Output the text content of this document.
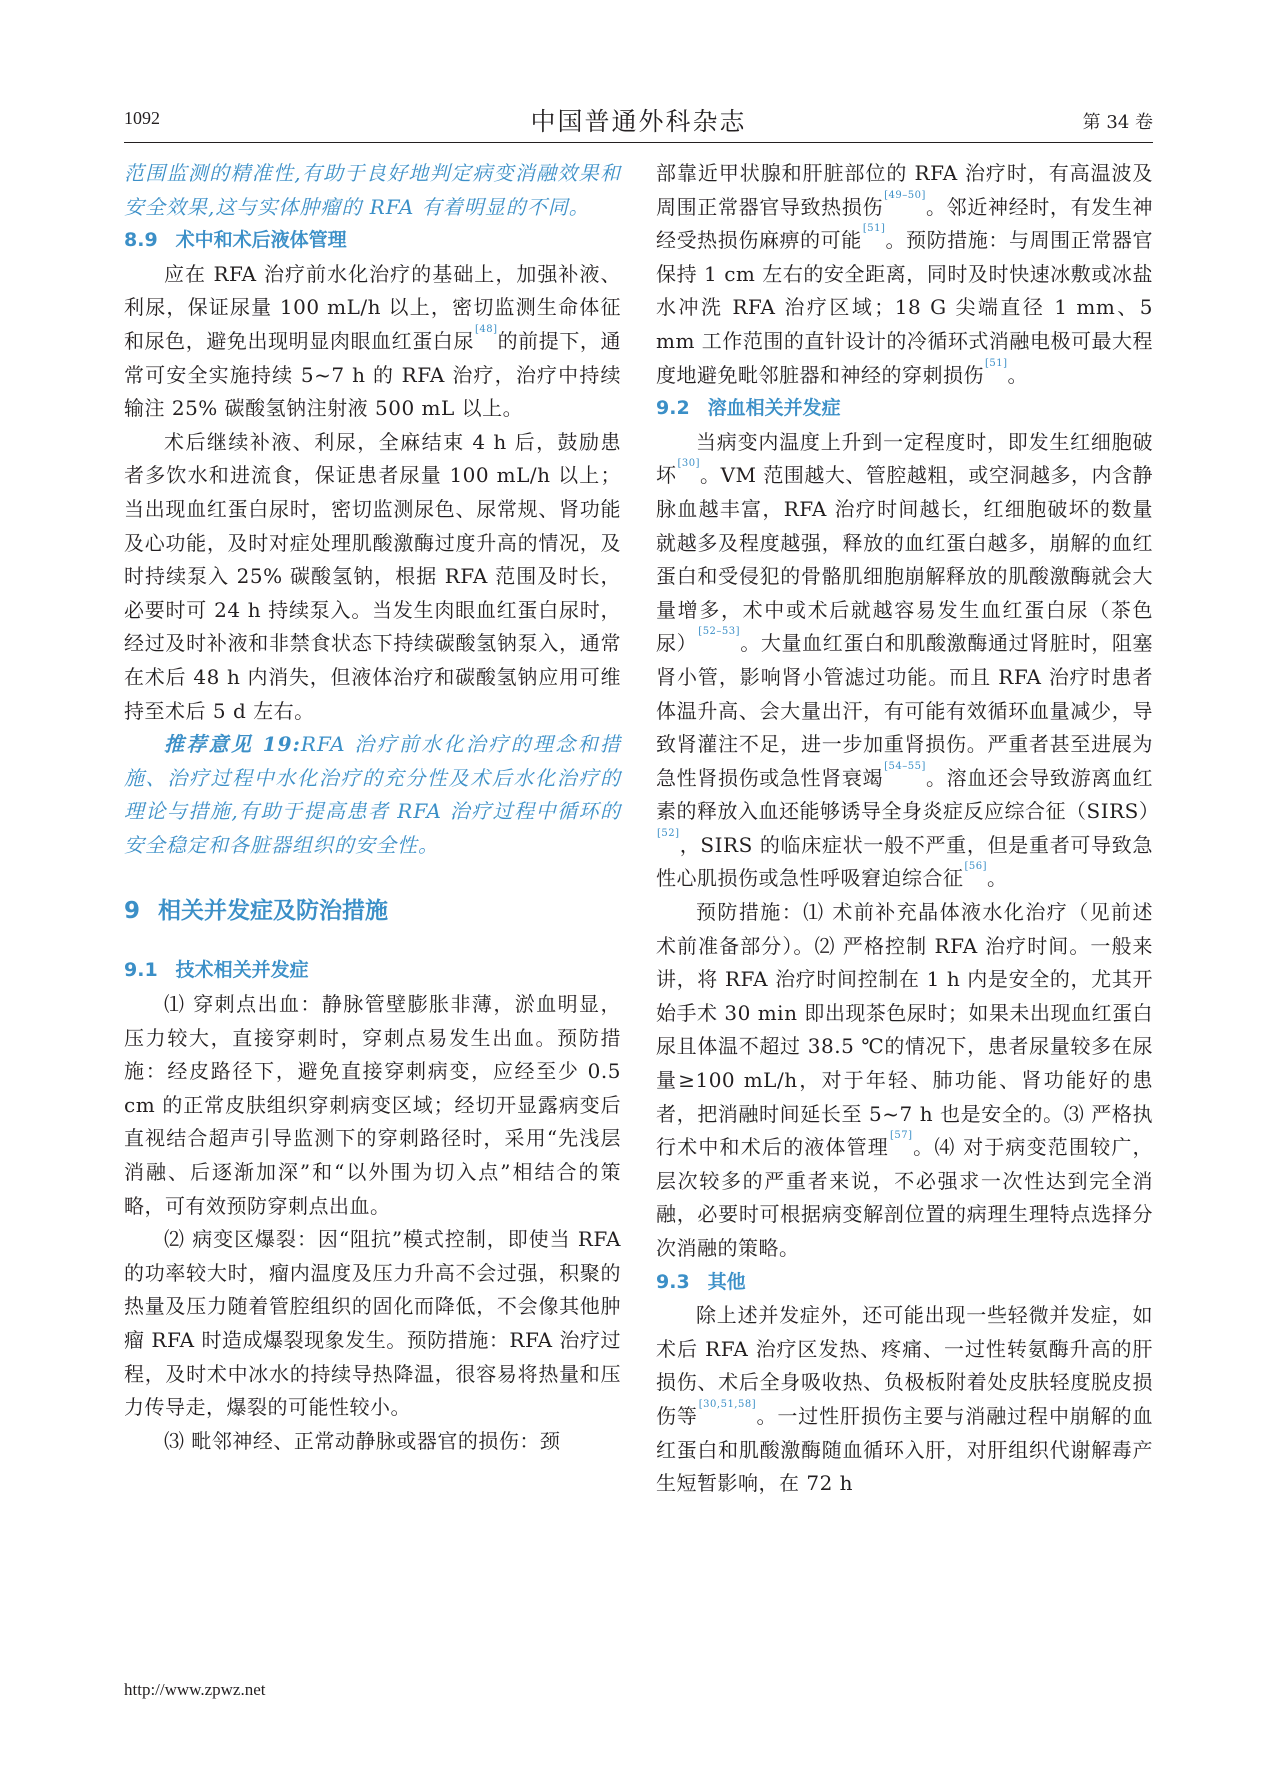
1092	中国普通外科杂志	第 34 卷

范围监测的精准性,有助于良好地判定病变消融效果和安全效果,这与实体肿瘤的 RFA 有着明显的不同。

8.9 术中和术后液体管理

应在 RFA 治疗前水化治疗的基础上，加强补液、利尿，保证尿量 100 mL/h 以上，密切监测生命体征和尿色，避免出现明显肉眼血红蛋白尿[48]的前提下，通常可安全实施持续 5~7 h 的 RFA 治疗，治疗中持续输注 25% 碳酸氢钠注射液 500 mL 以上。

术后继续补液、利尿，全麻结束 4 h 后，鼓励患者多饮水和进流食，保证患者尿量 100 mL/h 以上；当出现血红蛋白尿时，密切监测尿色、尿常规、肾功能及心功能，及时对症处理肌酸激酶过度升高的情况，及时持续泵入 25% 碳酸氢钠，根据 RFA 范围及时长，必要时可 24 h 持续泵入。当发生肉眼血红蛋白尿时，经过及时补液和非禁食状态下持续碳酸氢钠泵入，通常在术后 48 h 内消失，但液体治疗和碳酸氢钠应用可维持至术后 5 d 左右。

推荐意见 19:RFA 治疗前水化治疗的理念和措施、治疗过程中水化治疗的充分性及术后水化治疗的理论与措施,有助于提高患者 RFA 治疗过程中循环的安全稳定和各脏器组织的安全性。

9 相关并发症及防治措施
9.1 技术相关并发症

⑴ 穿刺点出血：静脉管壁膨胀非薄，淤血明显，压力较大，直接穿刺时，穿刺点易发生出血。预防措施：经皮路径下，避免直接穿刺病变，应经至少 0.5 cm 的正常皮肤组织穿刺病变区域；经切开显露病变后直视结合超声引导监测下的穿刺路径时，采用“先浅层消融、后逐渐加深”和“以外围为切入点”相结合的策略，可有效预防穿刺点出血。

⑵ 病变区爆裂：因“阻抗”模式控制，即使当 RFA 的功率较大时，瘤内温度及压力升高不会过强，积聚的热量及压力随着管腔组织的固化而降低，不会像其他肿瘤 RFA 时造成爆裂现象发生。预防措施：RFA 治疗过程，及时术中冰水的持续导热降温，很容易将热量和压力传导走，爆裂的可能性较小。

⑶ 毗邻神经、正常动静脉或器官的损伤：颈

部靠近甲状腺和肝脏部位的 RFA 治疗时，有高温波及周围正常器官导致热损伤[49–50]。邻近神经时，有发生神经受热损伤麻痹的可能[51]。预防措施：与周围正常器官保持 1 cm 左右的安全距离，同时及时快速冰敷或冰盐水冲洗 RFA 治疗区域；18 G 尖端直径 1 mm、5 mm 工作范围的直针设计的冷循环式消融电极可最大程度地避免毗邻脏器和神经的穿刺损伤[51]。

9.2 溶血相关并发症

当病变内温度上升到一定程度时，即发生红细胞破坏[30]。VM 范围越大、管腔越粗，或空洞越多，内含静脉血越丰富，RFA 治疗时间越长，红细胞破坏的数量就越多及程度越强，释放的血红蛋白越多，崩解的血红蛋白和受侵犯的骨骼肌细胞崩解释放的肌酸激酶就会大量增多，术中或术后就越容易发生血红蛋白尿（茶色尿）[52–53]。大量血红蛋白和肌酸激酶通过肾脏时，阻塞肾小管，影响肾小管滤过功能。而且 RFA 治疗时患者体温升高、会大量出汗，有可能有效循环血量减少，导致肾灌注不足，进一步加重肾损伤。严重者甚至进展为急性肾损伤或急性肾衰竭[54–55]。溶血还会导致游离血红素的释放入血还能够诱导全身炎症反应综合征（SIRS）[52]，SIRS 的临床症状一般不严重，但是重者可导致急性心肌损伤或急性呼吸窘迫综合征[56]。

预防措施：⑴ 术前补充晶体液水化治疗（见前述术前准备部分）。⑵ 严格控制 RFA 治疗时间。一般来讲，将 RFA 治疗时间控制在 1 h 内是安全的，尤其开始手术 30 min 即出现茶色尿时；如果未出现血红蛋白尿且体温不超过 38.5 ℃的情况下，患者尿量较多在尿量≥100 mL/h，对于年轻、肺功能、肾功能好的患者，把消融时间延长至 5~7 h 也是安全的。⑶ 严格执行术中和术后的液体管理[57]。⑷ 对于病变范围较广，层次较多的严重者来说，不必强求一次性达到完全消融，必要时可根据病变解剖位置的病理生理特点选择分次消融的策略。

9.3 其他

除上述并发症外，还可能出现一些轻微并发症，如术后 RFA 治疗区发热、疼痛、一过性转氨酶升高的肝损伤、术后全身吸收热、负极板附着处皮肤轻度脱皮损伤等[30,51,58]。一过性肝损伤主要与消融过程中崩解的血红蛋白和肌酸激酶随血循环入肝，对肝组织代谢解毒产生短暂影响，在 72 h

http://www.zpwz.net
